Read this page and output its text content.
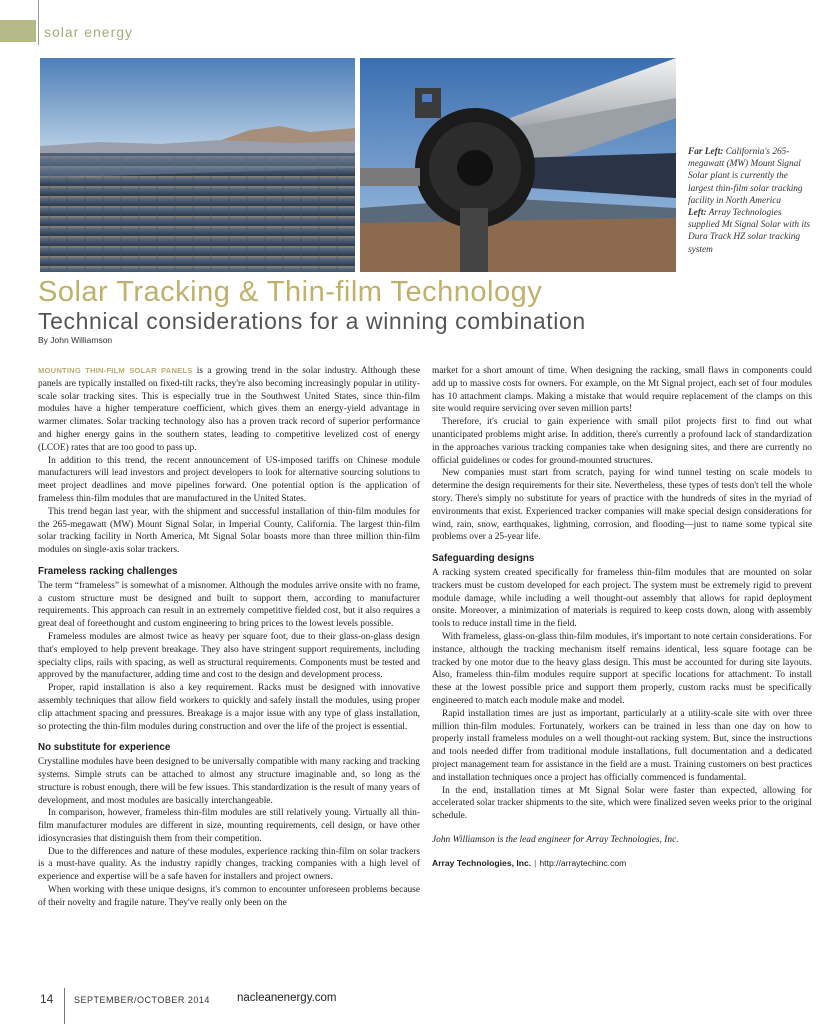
solar energy
Far Left: California's 265-megawatt (MW) Mount Signal Solar plant is currently the largest thin-film solar tracking facility in North America
Left: Array Technologies supplied Mt Signal Solar with its Dura Track HZ solar tracking system
Solar Tracking & Thin-film Technology
Technical considerations for a winning combination
By John Williamson

MOUNTING THIN-FILM SOLAR PANELS is a growing trend in the solar industry. Although these panels are typically installed on fixed-tilt racks, they're also becoming increasingly popular in utility-scale solar tracking sites. This is especially true in the Southwest United States, since thin-film modules have a higher temperature coefficient, which gives them an energy-yield advantage in warmer climates. Solar tracking technology also has a proven track record of superior performance and higher energy gains in the southern states, leading to competitive levelized cost of energy (LCOE) rates that are too good to pass up.

In addition to this trend, the recent announcement of US-imposed tariffs on Chinese module manufacturers will lead investors and project developers to look for alternative sourcing solutions to meet project deadlines and move pipelines forward. One potential option is the application of frameless thin-film modules that are manufactured in the United States.

This trend began last year, with the shipment and successful installation of thin-film modules for the 265-megawatt (MW) Mount Signal Solar, in Imperial County, California. The largest thin-film solar tracking facility in North America, Mt Signal Solar boasts more than three million thin-film modules on single-axis solar trackers.

Frameless racking challenges

The term “frameless” is somewhat of a misnomer. Although the modules arrive onsite with no frame, a custom structure must be designed and built to support them, according to manufacturer requirements. This approach can result in an extremely competitive fielded cost, but it also requires a great deal of foreethought and custom engineering to bring prices to the lowest levels possible.

Frameless modules are almost twice as heavy per square foot, due to their glass-on-glass design that's employed to help prevent breakage. They also have stringent support requirements, including specialty clips, rails with spacing, as well as structural requirements. Components must be tested and approved by the manufacturer, adding time and cost to the design and development process.

Proper, rapid installation is also a key requirement. Racks must be designed with innovative assembly techniques that allow field workers to quickly and safely install the modules, using proper clip attachment spacing and pressures. Breakage is a major issue with any type of glass installation, so protecting the thin-film modules during construction and over the life of the project is essential.

No substitute for experience

Crystalline modules have been designed to be universally compatible with many racking and tracking systems. Simple struts can be attached to almost any structure imaginable and, so long as the structure is robust enough, there will be few issues. This standardization is the result of many years of development, and most modules are basically interchangeable.

In comparison, however, frameless thin-film modules are still relatively young. Virtually all thin-film manufacturer modules are different in size, mounting requirements, cell design, or have other idiosyncrasies that distinguish them from their competition.

Due to the differences and nature of these modules, experience racking thin-film on solar trackers is a must-have quality. As the industry rapidly changes, tracking companies with a high level of experience and expertise will be a safe haven for installers and project owners.

When working with these unique designs, it's common to encounter unforeseen problems because of their novelty and fragile nature. They've really only been on the

market for a short amount of time. When designing the racking, small flaws in components could add up to massive costs for owners. For example, on the Mt Signal project, each set of four modules has 10 attachment clamps. Making a mistake that would require replacement of the clamps on this site would require servicing over seven million parts!

Therefore, it's crucial to gain experience with small pilot projects first to find out what unanticipated problems might arise. In addition, there's currently a profound lack of standardization in the approaches various tracking companies take when designing sites, and there are currently no official guidelines or codes for ground-mounted structures.

New companies must start from scratch, paying for wind tunnel testing on scale models to determine the design requirements for their site. Nevertheless, these types of tests don't tell the whole story. There's simply no substitute for years of practice with the hundreds of sites in the myriad of environments that exist. Experienced tracker companies will make special design considerations for wind, rain, snow, earthquakes, lightning, corrosion, and flooding—just to name some typical site problems over a 25-year life.

Safeguarding designs

A racking system created specifically for frameless thin-film modules that are mounted on solar trackers must be custom developed for each project. The system must be extremely rigid to prevent module damage, while including a well thought-out assembly that allows for rapid deployment onsite. Moreover, a minimization of materials is required to keep costs down, along with assembly tools to reduce install time in the field.

With frameless, glass-on-glass thin-film modules, it's important to note certain considerations. For instance, although the tracking mechanism itself remains identical, less square footage can be tracked by one motor due to the heavy glass design. This must be accounted for during site layouts. Also, frameless thin-film modules require support at specific locations for attachment. To install these at the lowest possible price and support them properly, custom racks must be specifically engineered to match each module make and model.

Rapid installation times are just as important, particularly at a utility-scale site with over three million thin-film modules. Fortunately, workers can be trained in less than one day on how to properly install frameless modules on a well thought-out racking system. But, since the instructions and tools needed differ from traditional module installations, full documentation and a dedicated project management team for assistance in the field are a must. Training customers on best practices and installation techniques once a project has officially commenced is fundamental.

In the end, installation times at Mt Signal Solar were faster than expected, allowing for accelerated solar tracker shipments to the site, which were finalized seven weeks prior to the original schedule.

John Williamson is the lead engineer for Array Technologies, Inc.

Array Technologies, Inc. | http://arraytechinc.com

14 SEPTEMBER/OCTOBER 2014 nacleanenergy.com
